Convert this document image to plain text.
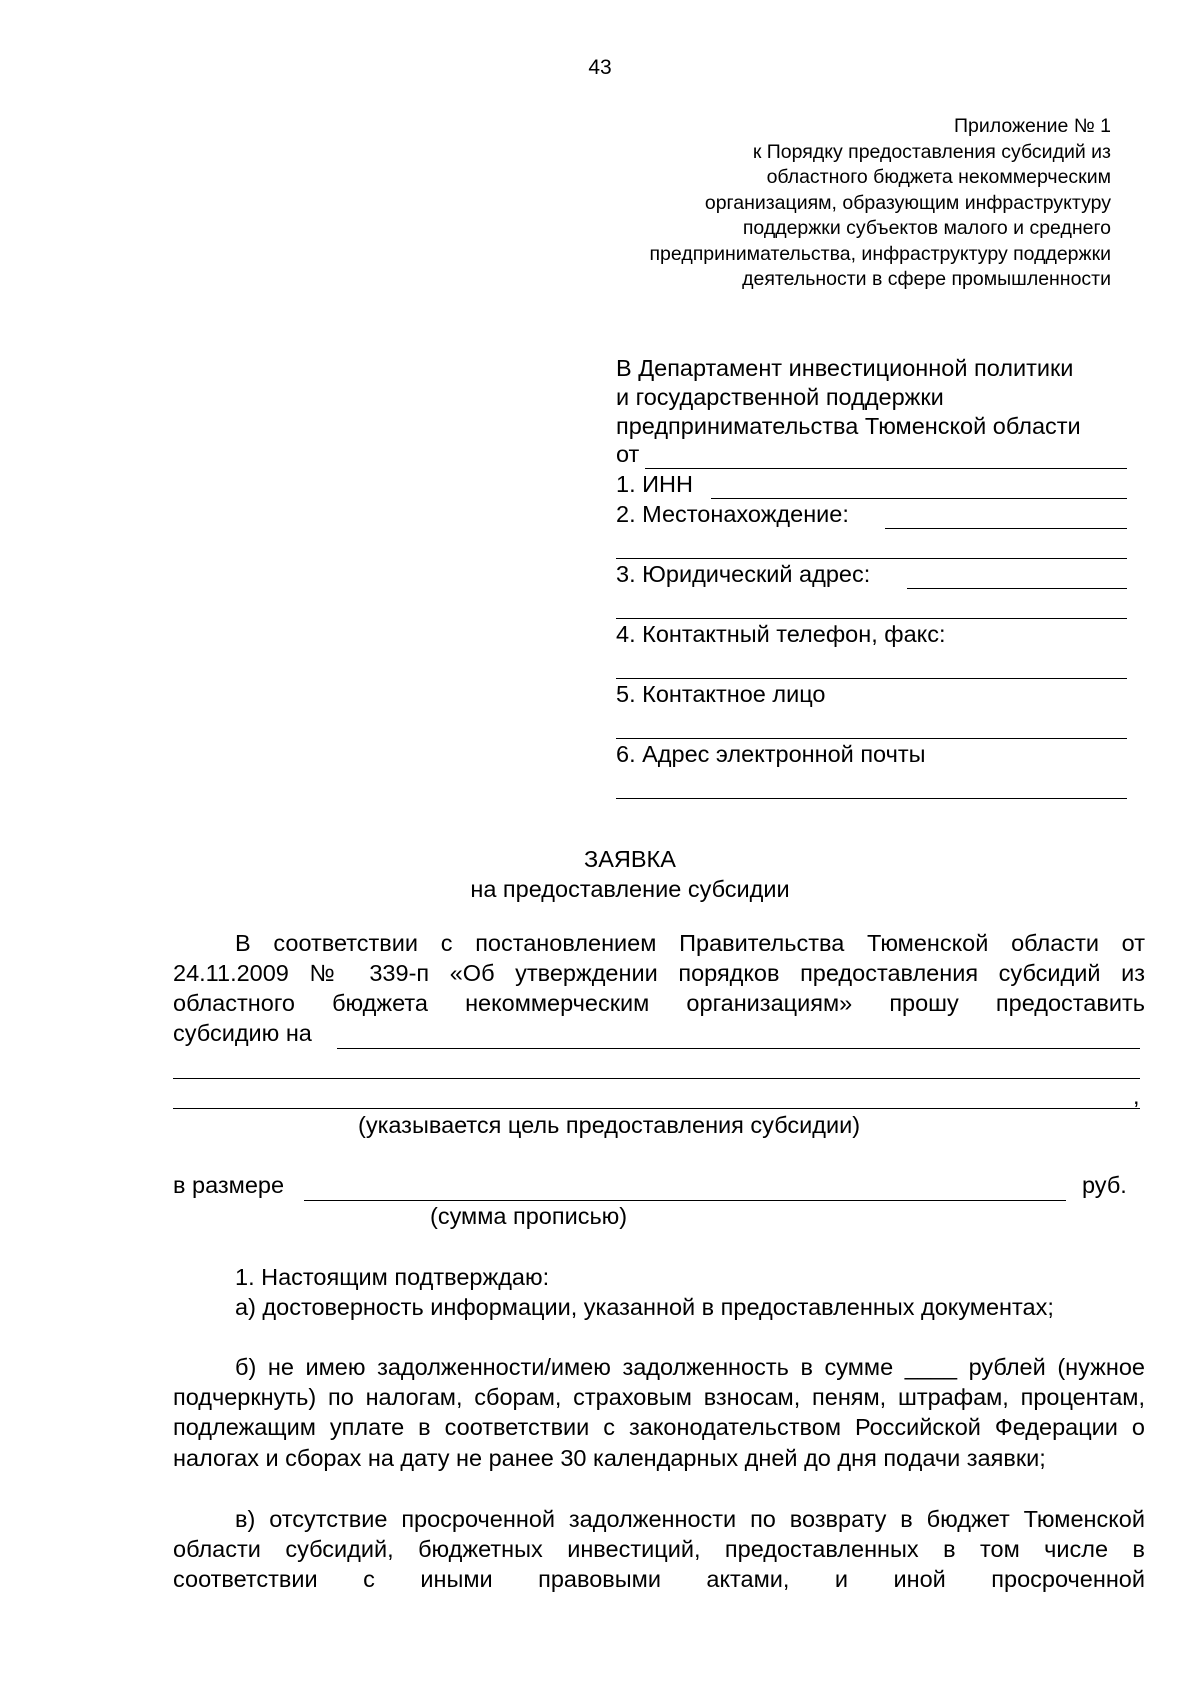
43
Приложение № 1
к Порядку предоставления субсидий из
областного бюджета некоммерческим
организациям, образующим инфраструктуру
поддержки субъектов малого и среднего
предпринимательства, инфраструктуру поддержки
деятельности в сфере промышленности
В Департамент инвестиционной политики
и государственной поддержки
предпринимательства Тюменской области
от
1. ИНН
2. Местонахождение:
3. Юридический адрес:
4. Контактный телефон, факс:
5. Контактное лицо
6. Адрес электронной почты
ЗАЯВКА
на предоставление субсидии
В соответствии с постановлением Правительства Тюменской области от 24.11.2009 № 339-п «Об утверждении порядков предоставления субсидий из областного бюджета некоммерческим организациям» прошу предоставить
субсидию на
,
(указывается цель предоставления субсидии)
в размере	руб.
(сумма прописью)
1. Настоящим подтверждаю:
а) достоверность информации, указанной в предоставленных документах;
б) не имею задолженности/имею задолженность в сумме ____ рублей (нужное подчеркнуть) по налогам, сборам, страховым взносам, пеням, штрафам, процентам, подлежащим уплате в соответствии с законодательством Российской Федерации о налогах и сборах на дату не ранее 30 календарных дней до дня подачи заявки;
в) отсутствие просроченной задолженности по возврату в бюджет Тюменской области субсидий, бюджетных инвестиций, предоставленных в том числе в соответствии с иными правовыми актами, и иной просроченной
